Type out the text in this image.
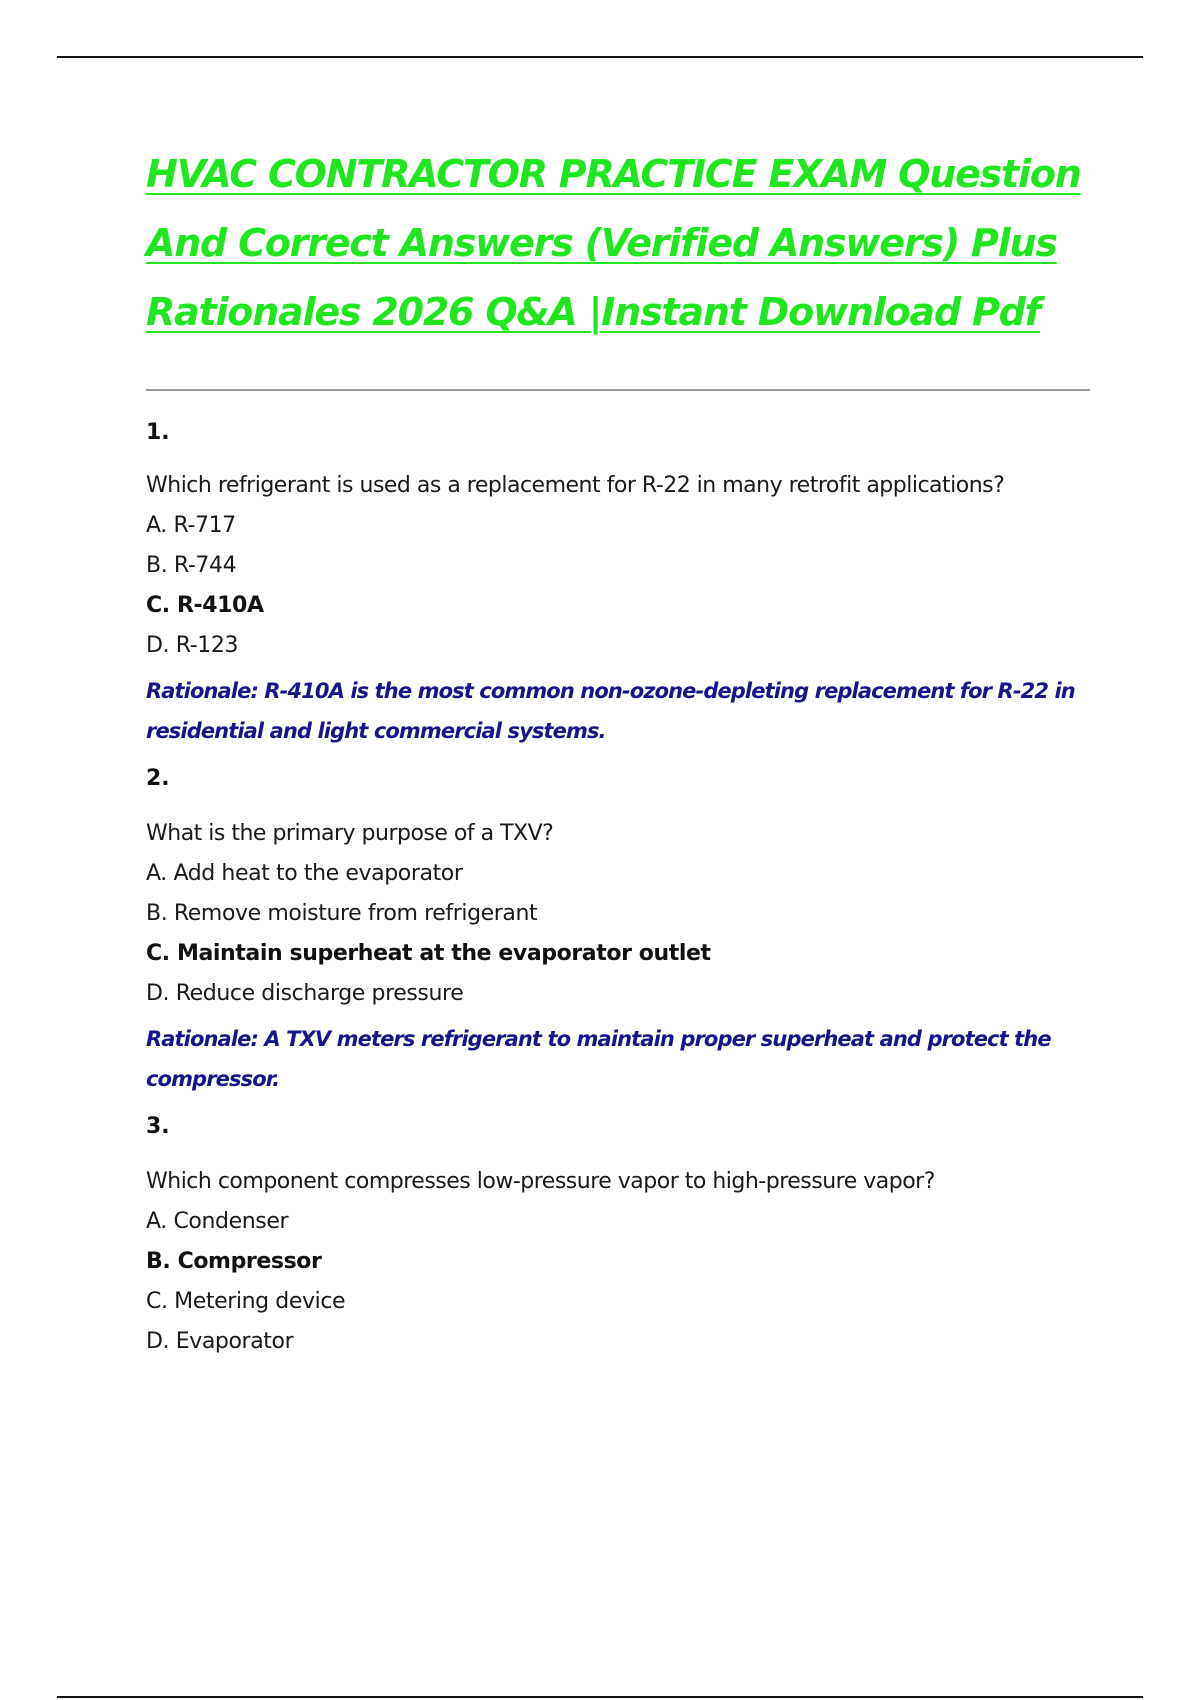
HVAC CONTRACTOR PRACTICE EXAM Question And Correct Answers (Verified Answers) Plus Rationales 2026 Q&A |Instant Download Pdf

1.

Which refrigerant is used as a replacement for R-22 in many retrofit applications?

A. R-717
B. R-744
C. R-410A
D. R-123

Rationale: R-410A is the most common non-ozone-depleting replacement for R-22 in residential and light commercial systems.

2.

What is the primary purpose of a TXV?

A. Add heat to the evaporator
B. Remove moisture from refrigerant
C. Maintain superheat at the evaporator outlet
D. Reduce discharge pressure

Rationale: A TXV meters refrigerant to maintain proper superheat and protect the compressor.

3.

Which component compresses low-pressure vapor to high-pressure vapor?

A. Condenser
B. Compressor
C. Metering device
D. Evaporator
